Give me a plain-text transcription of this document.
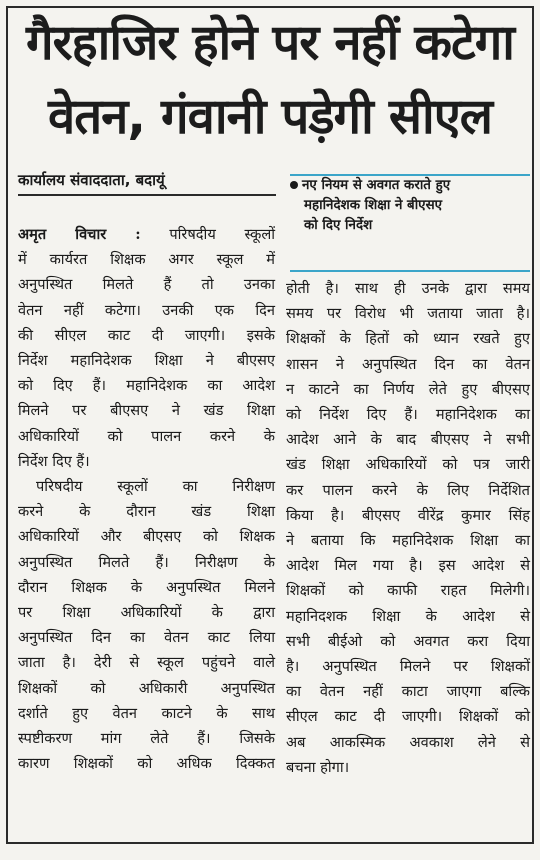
गैरहाजिर होने पर नहीं कटेगा
वेतन, गंवानी पड़ेगी सीएल
कार्यालय संवाददाता, बदायूं	नए नियम से अवगत कराते हुए
महानिदेशक शिक्षा ने बीएसए
को दिए निर्देश
अमृत विचार : परिषदीय स्कूलों
में कार्यरत शिक्षक अगर स्कूल में
अनुपस्थित मिलते हैं तो उनका
वेतन नहीं कटेगा। उनकी एक दिन
की सीएल काट दी जाएगी। इसके
निर्देश महानिदेशक शिक्षा ने बीएसए
को दिए हैं। महानिदेशक का आदेश
मिलने पर बीएसए ने खंड शिक्षा
अधिकारियों को पालन करने के
निर्देश दिए हैं।
परिषदीय स्कूलों का निरीक्षण
करने के दौरान खंड शिक्षा
अधिकारियों और बीएसए को शिक्षक
अनुपस्थित मिलते हैं। निरीक्षण के
दौरान शिक्षक के अनुपस्थित मिलने
पर शिक्षा अधिकारियों के द्वारा
अनुपस्थित दिन का वेतन काट लिया
जाता है। देरी से स्कूल पहुंचने वाले
शिक्षकों को अधिकारी अनुपस्थित
दर्शाते हुए वेतन काटने के साथ
स्पष्टीकरण मांग लेते हैं। जिसके
कारण शिक्षकों को अधिक दिक्कत
होती है। साथ ही उनके द्वारा समय
समय पर विरोध भी जताया जाता है।
शिक्षकों के हितों को ध्यान रखते हुए
शासन ने अनुपस्थित दिन का वेतन
न काटने का निर्णय लेते हुए बीएसए
को निर्देश दिए हैं। महानिदेशक का
आदेश आने के बाद बीएसए ने सभी
खंड शिक्षा अधिकारियों को पत्र जारी
कर पालन करने के लिए निर्देशित
किया है। बीएसए वीरेंद्र कुमार सिंह
ने बताया कि महानिदेशक शिक्षा का
आदेश मिल गया है। इस आदेश से
शिक्षकों को काफी राहत मिलेगी।
महानिदशक शिक्षा के आदेश से
सभी बीईओ को अवगत करा दिया
है। अनुपस्थित मिलने पर शिक्षकों
का वेतन नहीं काटा जाएगा बल्कि
सीएल काट दी जाएगी। शिक्षकों को
अब आकस्मिक अवकाश लेने से
बचना होगा।
